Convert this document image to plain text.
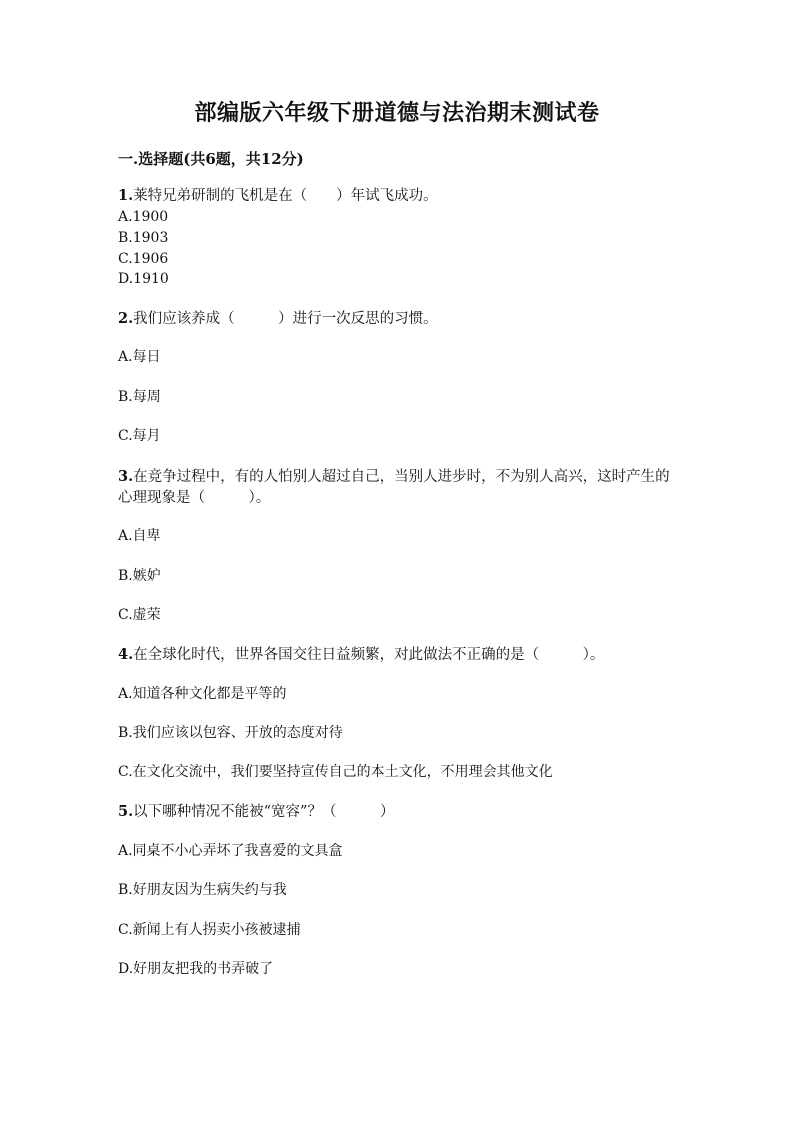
部编版六年级下册道德与法治期末测试卷
一.选择题(共6题，共12分)
1.莱特兄弟研制的飞机是在（　　）年试飞成功。
A.1900
B.1903
C.1906
D.1910
2.我们应该养成（　　　）进行一次反思的习惯。
A.每日
B.每周
C.每月
3.在竞争过程中，有的人怕别人超过自己，当别人进步时，不为别人高兴，这时产生的心理现象是（　　　）。
A.自卑
B.嫉妒
C.虚荣
4.在全球化时代，世界各国交往日益频繁，对此做法不正确的是（　　　）。
A.知道各种文化都是平等的
B.我们应该以包容、开放的态度对待
C.在文化交流中，我们要坚持宣传自己的本土文化，不用理会其他文化
5.以下哪种情况不能被“宽容”？（　　　）
A.同桌不小心弄坏了我喜爱的文具盒
B.好朋友因为生病失约与我
C.新闻上有人拐卖小孩被逮捕
D.好朋友把我的书弄破了
